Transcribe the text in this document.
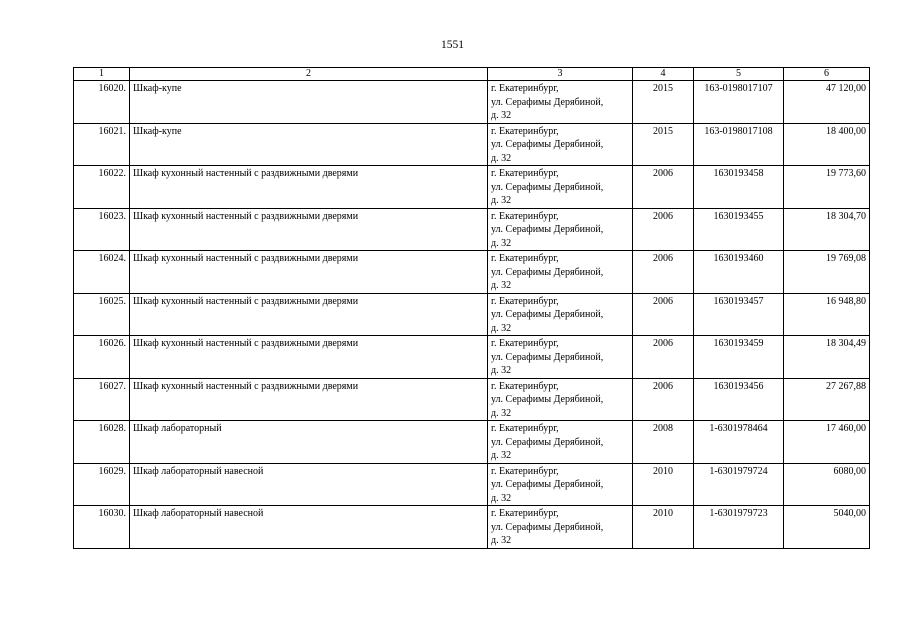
1551
1	2	3	4	5	6
16020.	Шкаф-купе	г. Екатеринбург,
ул. Серафимы Дерябиной,
д. 32	2015	163-0198017107	47 120,00
16021.	Шкаф-купе	г. Екатеринбург,
ул. Серафимы Дерябиной,
д. 32	2015	163-0198017108	18 400,00
16022.	Шкаф кухонный настенный с раздвижными дверями	г. Екатеринбург,
ул. Серафимы Дерябиной,
д. 32	2006	1630193458	19 773,60
16023.	Шкаф кухонный настенный с раздвижными дверями	г. Екатеринбург,
ул. Серафимы Дерябиной,
д. 32	2006	1630193455	18 304,70
16024.	Шкаф кухонный настенный с раздвижными дверями	г. Екатеринбург,
ул. Серафимы Дерябиной,
д. 32	2006	1630193460	19 769,08
16025.	Шкаф кухонный настенный с раздвижными дверями	г. Екатеринбург,
ул. Серафимы Дерябиной,
д. 32	2006	1630193457	16 948,80
16026.	Шкаф кухонный настенный с раздвижными дверями	г. Екатеринбург,
ул. Серафимы Дерябиной,
д. 32	2006	1630193459	18 304,49
16027.	Шкаф кухонный настенный с раздвижными дверями	г. Екатеринбург,
ул. Серафимы Дерябиной,
д. 32	2006	1630193456	27 267,88
16028.	Шкаф лабораторный	г. Екатеринбург,
ул. Серафимы Дерябиной,
д. 32	2008	1-6301978464	17 460,00
16029.	Шкаф лабораторный навесной	г. Екатеринбург,
ул. Серафимы Дерябиной,
д. 32	2010	1-6301979724	6080,00
16030.	Шкаф лабораторный навесной	г. Екатеринбург,
ул. Серафимы Дерябиной,
д. 32	2010	1-6301979723	5040,00
